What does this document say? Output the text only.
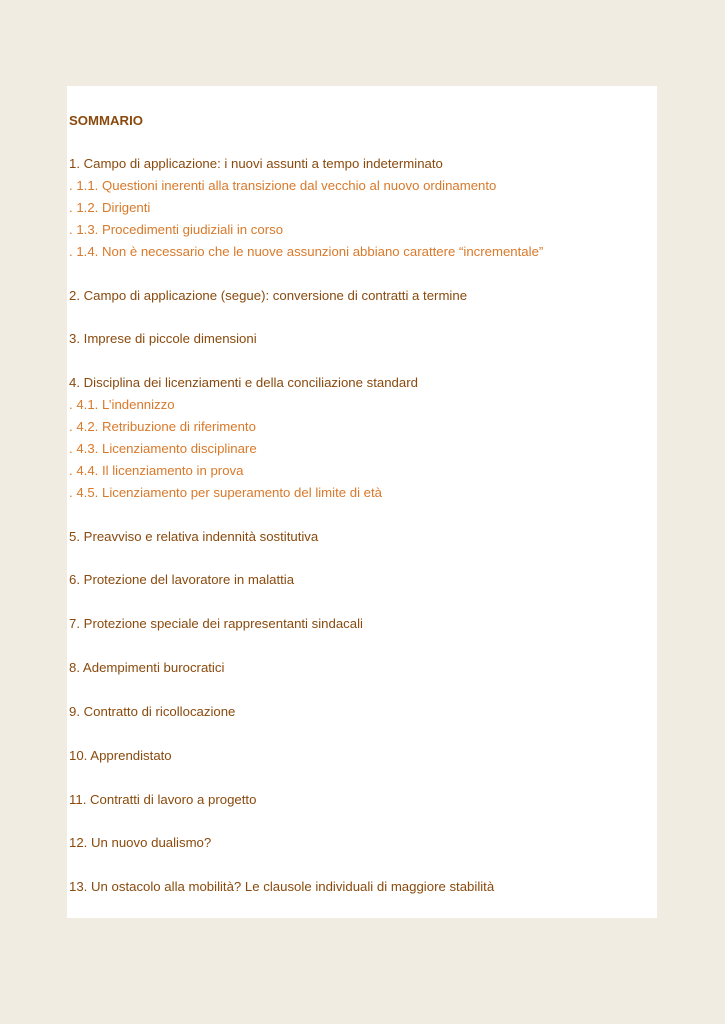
SOMMARIO
1. Campo di applicazione: i nuovi assunti a tempo indeterminato
. 1.1. Questioni inerenti alla transizione dal vecchio al nuovo ordinamento
. 1.2. Dirigenti
. 1.3. Procedimenti giudiziali in corso
. 1.4. Non è necessario che le nuove assunzioni abbiano carattere “incrementale”
2. Campo di applicazione (segue): conversione di contratti a termine
3. Imprese di piccole dimensioni
4. Disciplina dei licenziamenti e della conciliazione standard
. 4.1. L’indennizzo
. 4.2. Retribuzione di riferimento
. 4.3. Licenziamento disciplinare
. 4.4. Il licenziamento in prova
. 4.5. Licenziamento per superamento del limite di età
5. Preavviso e relativa indennità sostitutiva
6. Protezione del lavoratore in malattia
7. Protezione speciale dei rappresentanti sindacali
8. Adempimenti burocratici
9. Contratto di ricollocazione
10. Apprendistato
11. Contratti di lavoro a progetto
12. Un nuovo dualismo?
13. Un ostacolo alla mobilità? Le clausole individuali di maggiore stabilità
